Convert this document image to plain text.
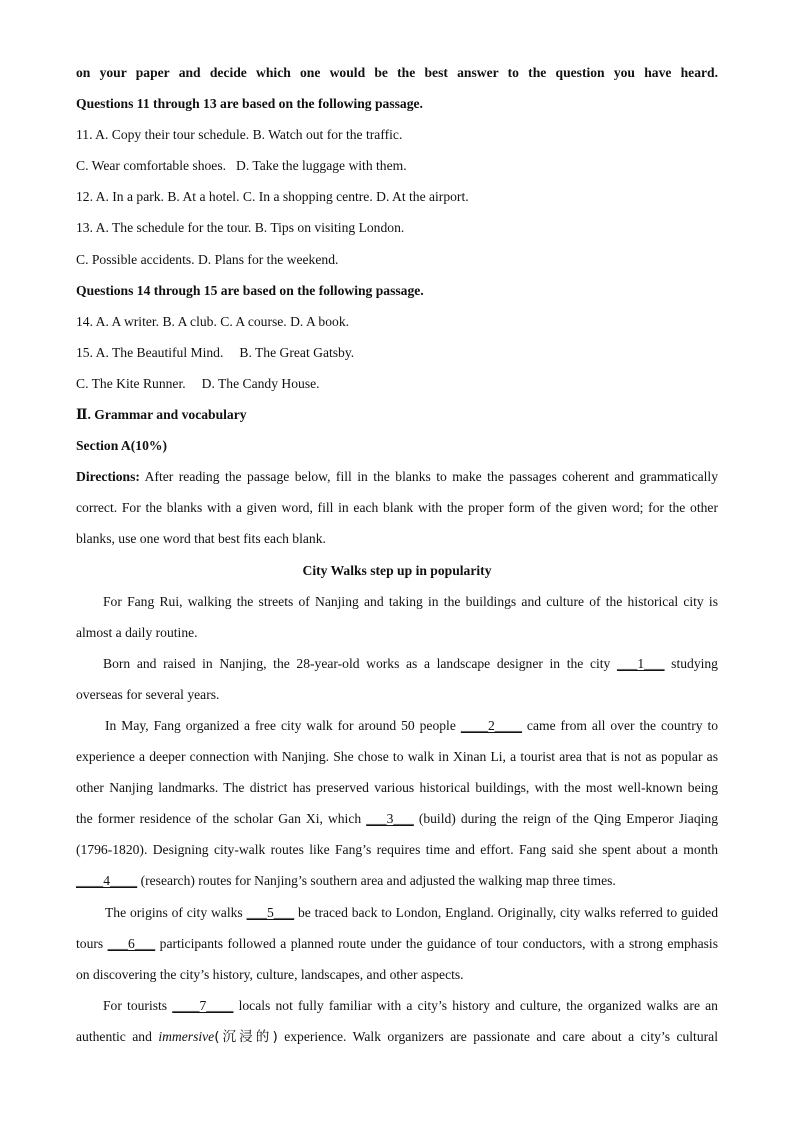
on your paper and decide which one would be the best answer to the question you have heard.
Questions 11 through 13 are based on the following passage.
11. A. Copy their tour schedule. B. Watch out for the traffic.
C. Wear comfortable shoes. D. Take the luggage with them.
12. A. In a park. B. At a hotel. C. In a shopping centre. D. At the airport.
13. A. The schedule for the tour. B. Tips on visiting London.
C. Possible accidents. D. Plans for the weekend.
Questions 14 through 15 are based on the following passage.
14. A. A writer. B. A club. C. A course. D. A book.
15. A. The Beautiful Mind. B. The Great Gatsby.
C. The Kite Runner. D. The Candy House.
Ⅱ. Grammar and vocabulary
Section A(10%)
Directions: After reading the passage below, fill in the blanks to make the passages coherent and grammatically
correct. For the blanks with a given word, fill in each blank with the proper form of the given word; for the other
blanks, use one word that best fits each blank.
City Walks step up in popularity
For Fang Rui, walking the streets of Nanjing and taking in the buildings and culture of the historical city is
almost a daily routine.
Born and raised in Nanjing, the 28-year-old works as a landscape designer in the city ___1___ studying
overseas for several years.
In May, Fang organized a free city walk for around 50 people ____2____ came from all over the country to
experience a deeper connection with Nanjing. She chose to walk in Xinan Li, a tourist area that is not as popular as
other Nanjing landmarks. The district has preserved various historical buildings, with the most well-known being
the former residence of the scholar Gan Xi, which ___3___ (build) during the reign of the Qing Emperor Jiaqing
(1796-1820). Designing city-walk routes like Fang’s requires time and effort. Fang said she spent about a month
____4____ (research) routes for Nanjing’s southern area and adjusted the walking map three times.
The origins of city walks ___5___ be traced back to London, England. Originally, city walks referred to guided
tours ___6___ participants followed a planned route under the guidance of tour conductors, with a strong emphasis
on discovering the city’s history, culture, landscapes, and other aspects.
For tourists ____7____ locals not fully familiar with a city’s history and culture, the organized walks are an
authentic and immersive(沉浸的) experience. Walk organizers are passionate and care about a city’s cultural
